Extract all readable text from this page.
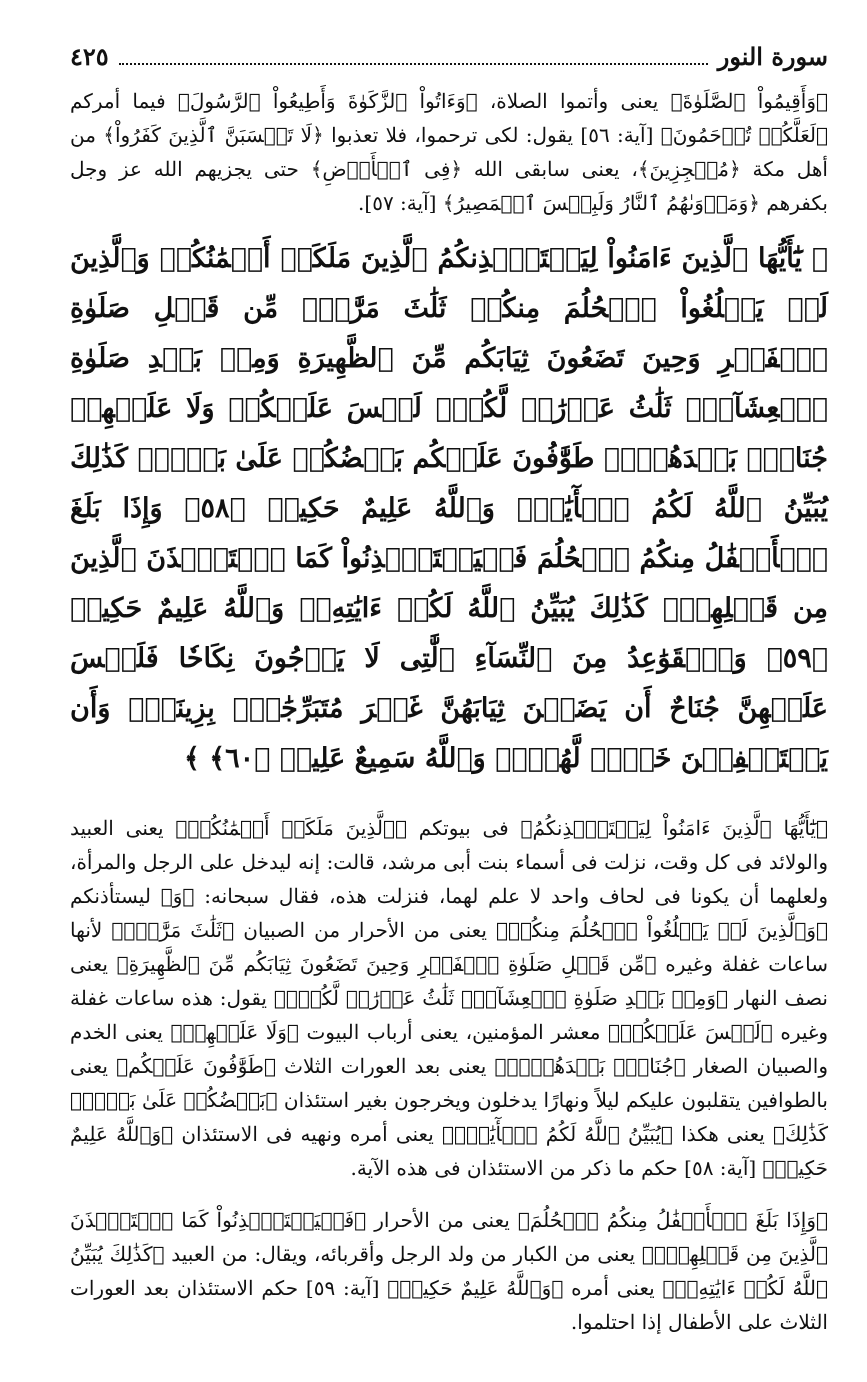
سورة النور
٤٢٥

﴿وَأَقِيمُواْ ٱلصَّلَوٰةَ﴾ يعنى وأتموا الصلاة، ﴿وَءَاتُواْ ٱلزَّكَوٰةَ وَأَطِيعُواْ ٱلرَّسُولَ﴾ فيما أمركم ﴿لَعَلَّكُمۡ تُرۡحَمُونَ﴾ [آية: ٥٦] يقول: لكى ترحموا، فلا تعذبوا ﴿لَا تَحۡسَبَنَّ ٱلَّذِينَ كَفَرُواْ﴾ من أهل مكة ﴿مُعۡجِزِينَ﴾، يعنى سابقى الله ﴿فِى ٱلۡأَرۡضِ﴾ حتى يجزيهم الله عز وجل بكفرهم ﴿وَمَأۡوَىٰهُمُ ٱلنَّارُ وَلَبِئۡسَ ٱلۡمَصِيرُ﴾ [آية: ٥٧].

﴿ يَٰٓأَيُّهَا ٱلَّذِينَ ءَامَنُواْ لِيَسۡتَـٔۡذِنكُمُ ٱلَّذِينَ مَلَكَتۡ أَيۡمَٰنُكُمۡ وَٱلَّذِينَ لَمۡ يَبۡلُغُواْ ٱلۡحُلُمَ مِنكُمۡ ثَلَٰثَ مَرَّٰتٖۚ مِّن قَبۡلِ صَلَوٰةِ ٱلۡفَجۡرِ وَحِينَ تَضَعُونَ ثِيَابَكُم مِّنَ ٱلظَّهِيرَةِ وَمِنۢ بَعۡدِ صَلَوٰةِ ٱلۡعِشَآءِۚ ثَلَٰثُ عَوۡرَٰتٖ لَّكُمۡۚ لَيۡسَ عَلَيۡكُمۡ وَلَا عَلَيۡهِمۡ جُنَاحُۢ بَعۡدَهُنَّۚ طَوَّٰفُونَ عَلَيۡكُم بَعۡضُكُمۡ عَلَىٰ بَعۡضٖۚ كَذَٰلِكَ يُبَيِّنُ ٱللَّهُ لَكُمُ ٱلۡأٓيَٰتِۗ وَٱللَّهُ عَلِيمٌ حَكِيمٞ ﴿٥٨﴾ وَإِذَا بَلَغَ ٱلۡأَطۡفَٰلُ مِنكُمُ ٱلۡحُلُمَ فَلۡيَسۡتَـٔۡذِنُواْ كَمَا ٱسۡتَـٔۡذَنَ ٱلَّذِينَ مِن قَبۡلِهِمۡۚ كَذَٰلِكَ يُبَيِّنُ ٱللَّهُ لَكُمۡ ءَايَٰتِهِۦۗ وَٱللَّهُ عَلِيمٌ حَكِيمٞ ﴿٥٩﴾ وَٱلۡقَوَٰعِدُ مِنَ ٱلنِّسَآءِ ٱلَّٰتِى لَا يَرۡجُونَ نِكَاحٗا فَلَيۡسَ عَلَيۡهِنَّ جُنَاحٌ أَن يَضَعۡنَ ثِيَابَهُنَّ غَيۡرَ مُتَبَرِّجَٰتِۢ بِزِينَةٖۖ وَأَن يَسۡتَعۡفِفۡنَ خَيۡرٞ لَّهُنَّۗ وَٱللَّهُ سَمِيعٌ عَلِيمٞ ﴿٦٠﴾ ﴾

﴿يَٰٓأَيُّهَا ٱلَّذِينَ ءَامَنُواْ لِيَسۡتَـٔۡذِنكُمُ﴾ فى بيوتكم ﴿ٱلَّذِينَ مَلَكَتۡ أَيۡمَٰنُكُمۡ﴾ يعنى العبيد والولائد فى كل وقت، نزلت فى أسماء بنت أبى مرشد، قالت: إنه ليدخل على الرجل والمرأة، ولعلهما أن يكونا فى لحاف واحد لا علم لهما، فنزلت هذه، فقال سبحانه: ﴿وَ﴾ ليستأذنكم ﴿وَٱلَّذِينَ لَمۡ يَبۡلُغُواْ ٱلۡحُلُمَ مِنكُمۡ﴾ يعنى من الأحرار من الصبيان ﴿ثَلَٰثَ مَرَّٰتٖۚ﴾ لأنها ساعات غفلة وغيره ﴿مِّن قَبۡلِ صَلَوٰةِ ٱلۡفَجۡرِ وَحِينَ تَضَعُونَ ثِيَابَكُم مِّنَ ٱلظَّهِيرَةِ﴾ يعنى نصف النهار ﴿وَمِنۢ بَعۡدِ صَلَوٰةِ ٱلۡعِشَآءِۚ ثَلَٰثُ عَوۡرَٰتٖ لَّكُمۡۚ﴾ يقول: هذه ساعات غفلة وغيره ﴿لَيۡسَ عَلَيۡكُمۡ﴾ معشر المؤمنين، يعنى أرباب البيوت ﴿وَلَا عَلَيۡهِمۡ﴾ يعنى الخدم والصبيان الصغار ﴿جُنَاحُۢ بَعۡدَهُنَّۚ﴾ يعنى بعد العورات الثلاث ﴿طَوَّٰفُونَ عَلَيۡكُم﴾ يعنى بالطوافين يتقلبون عليكم ليلاً ونهارًا يدخلون ويخرجون بغير استئذان ﴿بَعۡضُكُمۡ عَلَىٰ بَعۡضٖۚ كَذَٰلِكَ﴾ يعنى هكذا ﴿يُبَيِّنُ ٱللَّهُ لَكُمُ ٱلۡأٓيَٰتِۗ﴾ يعنى أمره ونهيه فى الاستئذان ﴿وَٱللَّهُ عَلِيمٌ حَكِيمٞ﴾ [آية: ٥٨] حكم ما ذكر من الاستئذان فى هذه الآية.

﴿وَإِذَا بَلَغَ ٱلۡأَطۡفَٰلُ مِنكُمُ ٱلۡحُلُمَ﴾ يعنى من الأحرار ﴿فَلۡيَسۡتَـٔۡذِنُواْ كَمَا ٱسۡتَـٔۡذَنَ ٱلَّذِينَ مِن قَبۡلِهِمۡۚ﴾ يعنى من الكبار من ولد الرجل وأقربائه، ويقال: من العبيد ﴿كَذَٰلِكَ يُبَيِّنُ ٱللَّهُ لَكُمۡ ءَايَٰتِهِۦۗ﴾ يعنى أمره ﴿وَٱللَّهُ عَلِيمٌ حَكِيمٞ﴾ [آية: ٥٩] حكم الاستئذان بعد العورات الثلاث على الأطفال إذا احتلموا.
